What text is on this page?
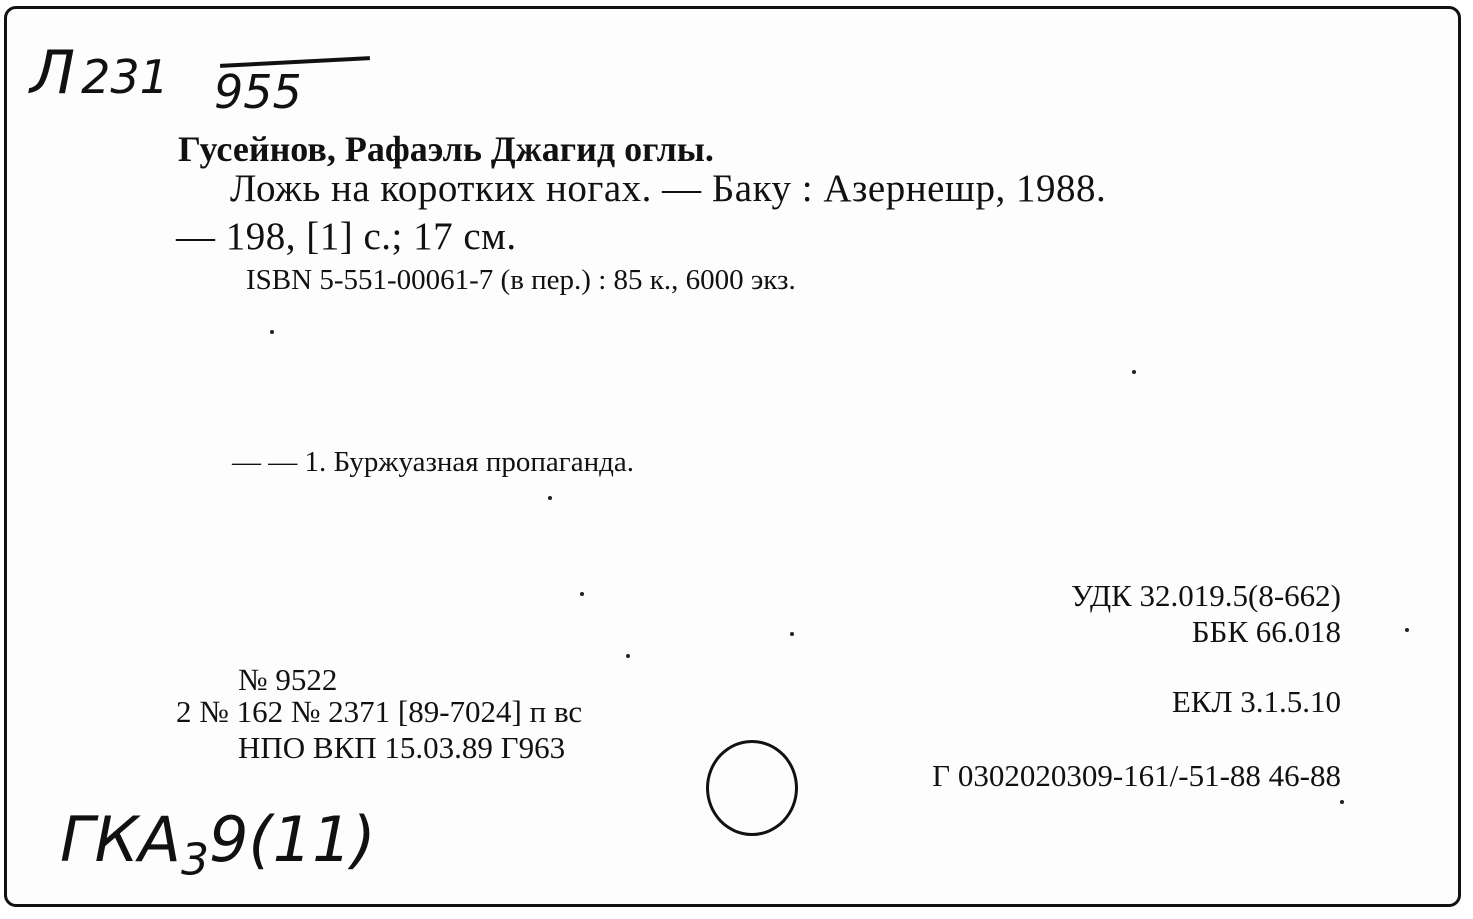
Л 231 955
Гусейнов, Рафаэль Джагид оглы.
Ложь на коротких ногах. — Баку : Азернешр, 1988.
— 198, [1] с.; 17 см.
ISBN 5-551-00061-7 (в пер.) : 85 к., 6000 экз.
— — 1. Буржуазная пропаганда.
УДК 32.019.5(8-662)
ББК 66.018
ЕКЛ 3.1.5.10
Г 0302020309-161/-51-88 46-88
№ 9522
2 № 162 № 2371 [89-7024] п вс
НПО ВКП 15.03.89 Г963
$ГКА_39(11)$
